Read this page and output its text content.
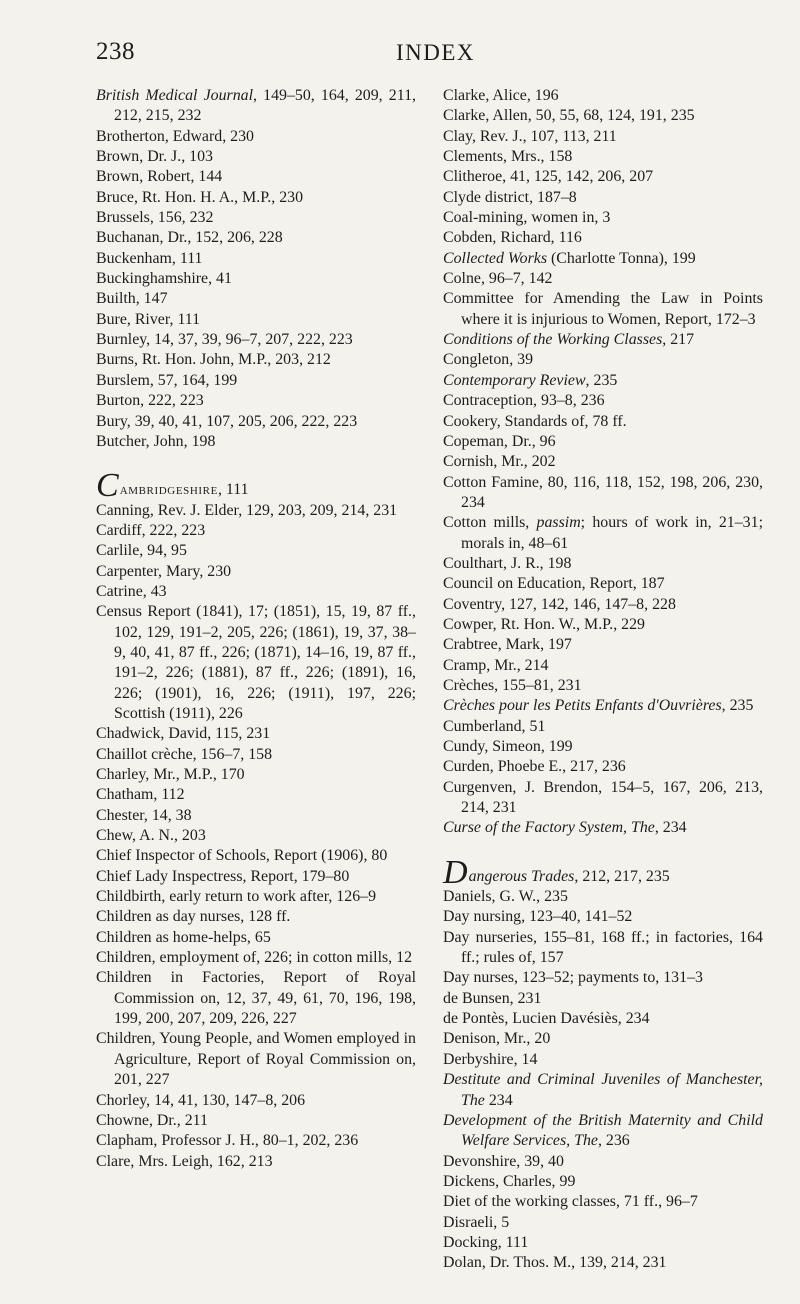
238	INDEX

British Medical Journal, 149–50, 164, 209, 211, 212, 215, 232

Brotherton, Edward, 230

Brown, Dr. J., 103

Brown, Robert, 144

Bruce, Rt. Hon. H. A., M.P., 230

Brussels, 156, 232

Buchanan, Dr., 152, 206, 228

Buckenham, 111

Buckinghamshire, 41

Builth, 147

Bure, River, 111

Burnley, 14, 37, 39, 96–7, 207, 222, 223

Burns, Rt. Hon. John, M.P., 203, 212

Burslem, 57, 164, 199

Burton, 222, 223

Bury, 39, 40, 41, 107, 205, 206, 222, 223

Butcher, John, 198

Cambridgeshire, 111

Canning, Rev. J. Elder, 129, 203, 209, 214, 231

Cardiff, 222, 223

Carlile, 94, 95

Carpenter, Mary, 230

Catrine, 43

Census Report (1841), 17; (1851), 15, 19, 87 ff., 102, 129, 191–2, 205, 226; (1861), 19, 37, 38–9, 40, 41, 87 ff., 226; (1871), 14–16, 19, 87 ff., 191–2, 226; (1881), 87 ff., 226; (1891), 16, 226; (1901), 16, 226; (1911), 197, 226; Scottish (1911), 226

Chadwick, David, 115, 231

Chaillot crèche, 156–7, 158

Charley, Mr., M.P., 170

Chatham, 112

Chester, 14, 38

Chew, A. N., 203

Chief Inspector of Schools, Report (1906), 80

Chief Lady Inspectress, Report, 179–80

Childbirth, early return to work after, 126–9

Children as day nurses, 128 ff.

Children as home-helps, 65

Children, employment of, 226; in cotton mills, 12

Children in Factories, Report of Royal Commission on, 12, 37, 49, 61, 70, 196, 198, 199, 200, 207, 209, 226, 227

Children, Young People, and Women employed in Agriculture, Report of Royal Commission on, 201, 227

Chorley, 14, 41, 130, 147–8, 206

Chowne, Dr., 211

Clapham, Professor J. H., 80–1, 202, 236

Clare, Mrs. Leigh, 162, 213

Clarke, Alice, 196

Clarke, Allen, 50, 55, 68, 124, 191, 235

Clay, Rev. J., 107, 113, 211

Clements, Mrs., 158

Clitheroe, 41, 125, 142, 206, 207

Clyde district, 187–8

Coal-mining, women in, 3

Cobden, Richard, 116

Collected Works (Charlotte Tonna), 199

Colne, 96–7, 142

Committee for Amending the Law in Points where it is injurious to Women, Report, 172–3

Conditions of the Working Classes, 217

Congleton, 39

Contemporary Review, 235

Contraception, 93–8, 236

Cookery, Standards of, 78 ff.

Copeman, Dr., 96

Cornish, Mr., 202

Cotton Famine, 80, 116, 118, 152, 198, 206, 230, 234

Cotton mills, passim; hours of work in, 21–31; morals in, 48–61

Coulthart, J. R., 198

Council on Education, Report, 187

Coventry, 127, 142, 146, 147–8, 228

Cowper, Rt. Hon. W., M.P., 229

Crabtree, Mark, 197

Cramp, Mr., 214

Crèches, 155–81, 231

Crèches pour les Petits Enfants d'Ouvrières, 235

Cumberland, 51

Cundy, Simeon, 199

Curden, Phoebe E., 217, 236

Curgenven, J. Brendon, 154–5, 167, 206, 213, 214, 231

Curse of the Factory System, The, 234

Dangerous Trades, 212, 217, 235

Daniels, G. W., 235

Day nursing, 123–40, 141–52

Day nurseries, 155–81, 168 ff.; in factories, 164 ff.; rules of, 157

Day nurses, 123–52; payments to, 131–3

de Bunsen, 231

de Pontès, Lucien Davésiès, 234

Denison, Mr., 20

Derbyshire, 14

Destitute and Criminal Juveniles of Manchester, The 234

Development of the British Maternity and Child Welfare Services, The, 236

Devonshire, 39, 40

Dickens, Charles, 99

Diet of the working classes, 71 ff., 96–7

Disraeli, 5

Docking, 111

Dolan, Dr. Thos. M., 139, 214, 231
